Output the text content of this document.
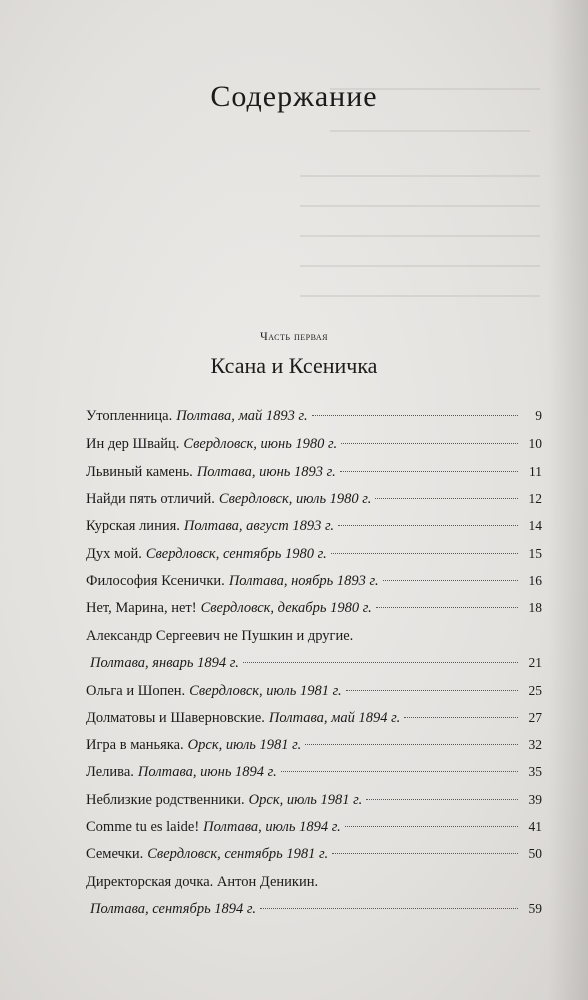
Содержание
Часть первая
Ксана и Ксеничка
Утопленница. Полтава, май 1893 г.	9
Ин дер Швайц. Свердловск, июнь 1980 г.	10
Львиный камень. Полтава, июнь 1893 г.	11
Найди пять отличий. Свердловск, июль 1980 г.	12
Курская линия. Полтава, август 1893 г.	14
Дух мой. Свердловск, сентябрь 1980 г.	15
Философия Ксенички. Полтава, ноябрь 1893 г.	16
Нет, Марина, нет! Свердловск, декабрь 1980 г.	18
Александр Сергеевич не Пушкин и другие.
Полтава, январь 1894 г.	21
Ольга и Шопен. Свердловск, июль 1981 г.	25
Долматовы и Шаверновские. Полтава, май 1894 г.	27
Игра в маньяка. Орск, июль 1981 г.	32
Лелива. Полтава, июнь 1894 г.	35
Неблизкие родственники. Орск, июль 1981 г.	39
Comme tu es laide! Полтава, июль 1894 г.	41
Семечки. Свердловск, сентябрь 1981 г.	50
Директорская дочка. Антон Деникин.
Полтава, сентябрь 1894 г.	59
